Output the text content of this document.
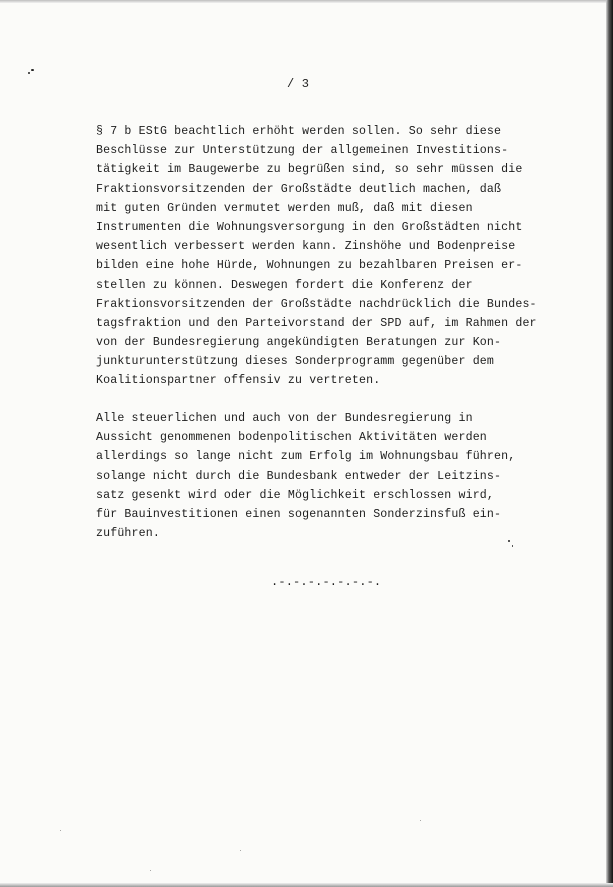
/ 3
§ 7 b EStG beachtlich erhöht werden sollen. So sehr diese
Beschlüsse zur Unterstützung der allgemeinen Investitions-
tätigkeit im Baugewerbe zu begrüßen sind, so sehr müssen die
Fraktionsvorsitzenden der Großstädte deutlich machen, daß
mit guten Gründen vermutet werden muß, daß mit diesen
Instrumenten die Wohnungsversorgung in den Großstädten nicht
wesentlich verbessert werden kann. Zinshöhe und Bodenpreise
bilden eine hohe Hürde, Wohnungen zu bezahlbaren Preisen er-
stellen zu können. Deswegen fordert die Konferenz der
Fraktionsvorsitzenden der Großstädte nachdrücklich die Bundes-
tagsfraktion und den Parteivorstand der SPD auf, im Rahmen der
von der Bundesregierung angekündigten Beratungen zur Kon-
junkturunterstützung dieses Sonderprogramm gegenüber dem
Koalitionspartner offensiv zu vertreten.
Alle steuerlichen und auch von der Bundesregierung in
Aussicht genommenen bodenpolitischen Aktivitäten werden
allerdings so lange nicht zum Erfolg im Wohnungsbau führen,
solange nicht durch die Bundesbank entweder der Leitzins-
satz gesenkt wird oder die Möglichkeit erschlossen wird,
für Bauinvestitionen einen sogenannten Sonderzinsfuß ein-
zuführen.
.-.-.-.-.-.-.-.
